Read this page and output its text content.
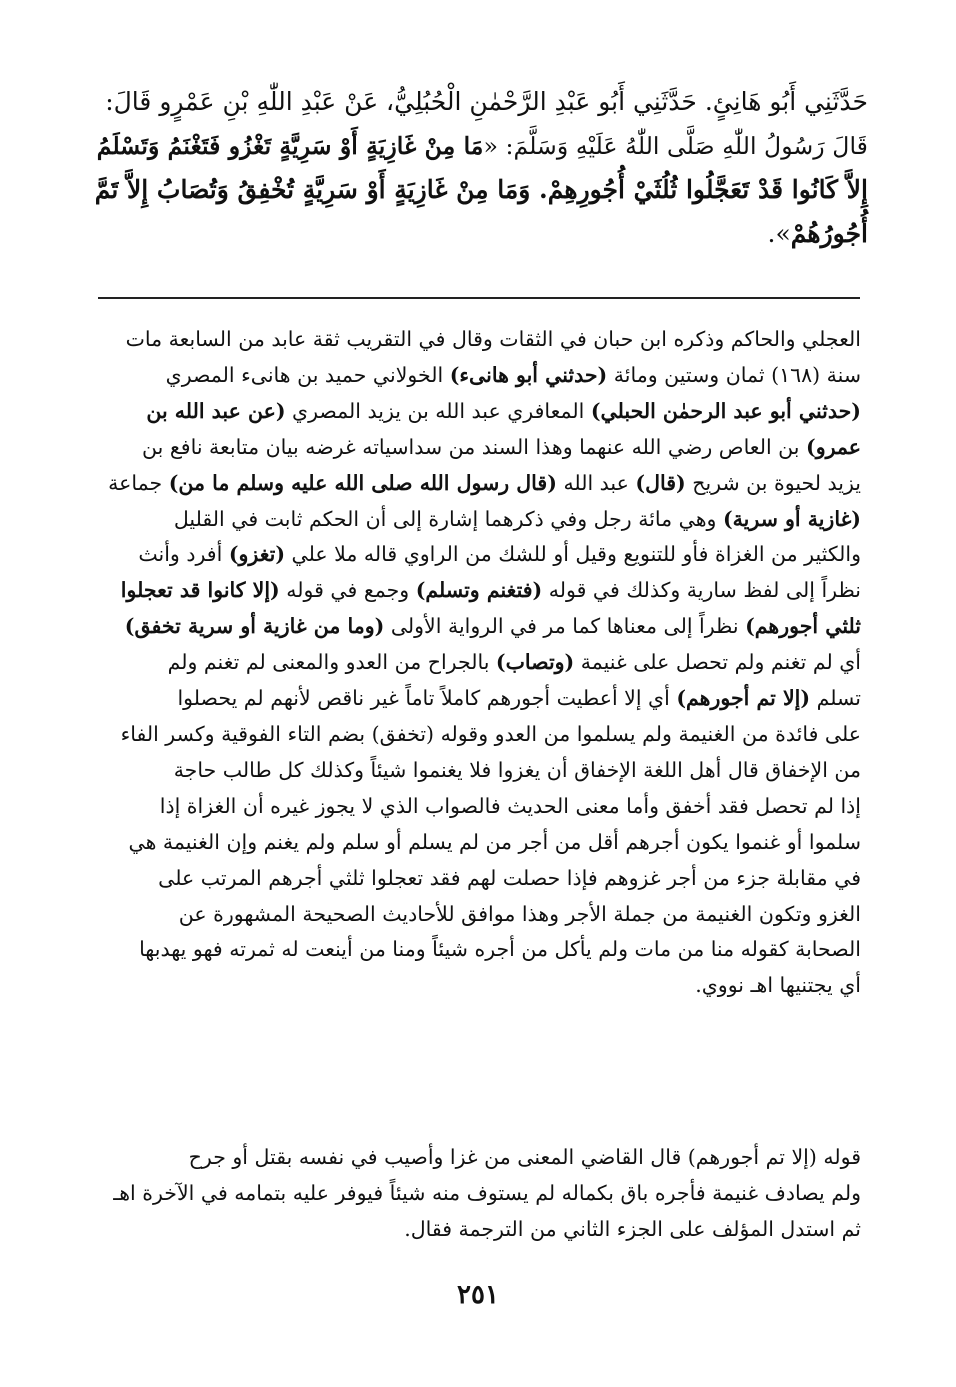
حَدَّثَنِي أَبُو هَانِئٍ. حَدَّثَنِي أَبُو عَبْدِ الرَّحْمٰنِ الْحُبُلِيُّ، عَنْ عَبْدِ اللّٰهِ بْنِ عَمْرٍو قَالَ:
قَالَ رَسُولُ اللّٰهِ صَلَّى اللّٰهُ عَلَيْهِ وَسَلَّمَ: «مَا مِنْ غَازِيَةٍ أَوْ سَرِيَّةٍ تَغْزُو فَتَغْنَمُ وَتَسْلَمُ
إِلاَّ كَانُوا قَدْ تَعَجَّلُوا ثُلُثَيْ أُجُورِهِمْ. وَمَا مِنْ غَازِيَةٍ أَوْ سَرِيَّةٍ تُخْفِقُ وَتُصَابُ إِلاَّ تَمَّ
أُجُورُهُمْ».
العجلي والحاكم وذكره ابن حبان في الثقات وقال في التقريب ثقة عابد من السابعة مات
سنة (١٦٨) ثمان وستين ومائة (حدثني أبو هانىء) الخولاني حميد بن هانىء المصري
(حدثني أبو عبد الرحمٰن الحبلي) المعافري عبد الله بن يزيد المصري (عن عبد الله بن
عمرو) بن العاص رضي الله عنهما وهذا السند من سداسياته غرضه بيان متابعة نافع بن
يزيد لحيوة بن شريح (قال) عبد الله (قال رسول الله صلى الله عليه وسلم ما من) جماعة
(غازية أو سرية) وهي مائة رجل وفي ذكرهما إشارة إلى أن الحكم ثابت في القليل
والكثير من الغزاة فأو للتنويع وقيل أو للشك من الراوي قاله ملا علي (تغزو) أفرد وأنث
نظراً إلى لفظ سارية وكذلك في قوله (فتغنم وتسلم) وجمع في قوله (إلا كانوا قد تعجلوا
ثلثي أجورهم) نظراً إلى معناها كما مر في الرواية الأولى (وما من غازية أو سرية تخفق)
أي لم تغنم ولم تحصل على غنيمة (وتصاب) بالجراح من العدو والمعنى لم تغنم ولم
تسلم (إلا تم أجورهم) أي إلا أعطيت أجورهم كاملاً تاماً غير ناقص لأنهم لم يحصلوا
على فائدة من الغنيمة ولم يسلموا من العدو وقوله (تخفق) بضم التاء الفوقية وكسر الفاء
من الإخفاق قال أهل اللغة الإخفاق أن يغزوا فلا يغنموا شيئاً وكذلك كل طالب حاجة
إذا لم تحصل فقد أخفق وأما معنى الحديث فالصواب الذي لا يجوز غيره أن الغزاة إذا
سلموا أو غنموا يكون أجرهم أقل من أجر من لم يسلم أو سلم ولم يغنم وإن الغنيمة هي
في مقابلة جزء من أجر غزوهم فإذا حصلت لهم فقد تعجلوا ثلثي أجرهم المرتب على
الغزو وتكون الغنيمة من جملة الأجر وهذا موافق للأحاديث الصحيحة المشهورة عن
الصحابة كقوله منا من مات ولم يأكل من أجره شيئاً ومنا من أينعت له ثمرته فهو يهدبها
أي يجتنيها اهـ نووي.
قوله (إلا تم أجورهم) قال القاضي المعنى من غزا وأصيب في نفسه بقتل أو جرح
ولم يصادف غنيمة فأجره باق بكماله لم يستوف منه شيئاً فيوفر عليه بتمامه في الآخرة اهـ
ثم استدل المؤلف على الجزء الثاني من الترجمة فقال.
٢٥١
